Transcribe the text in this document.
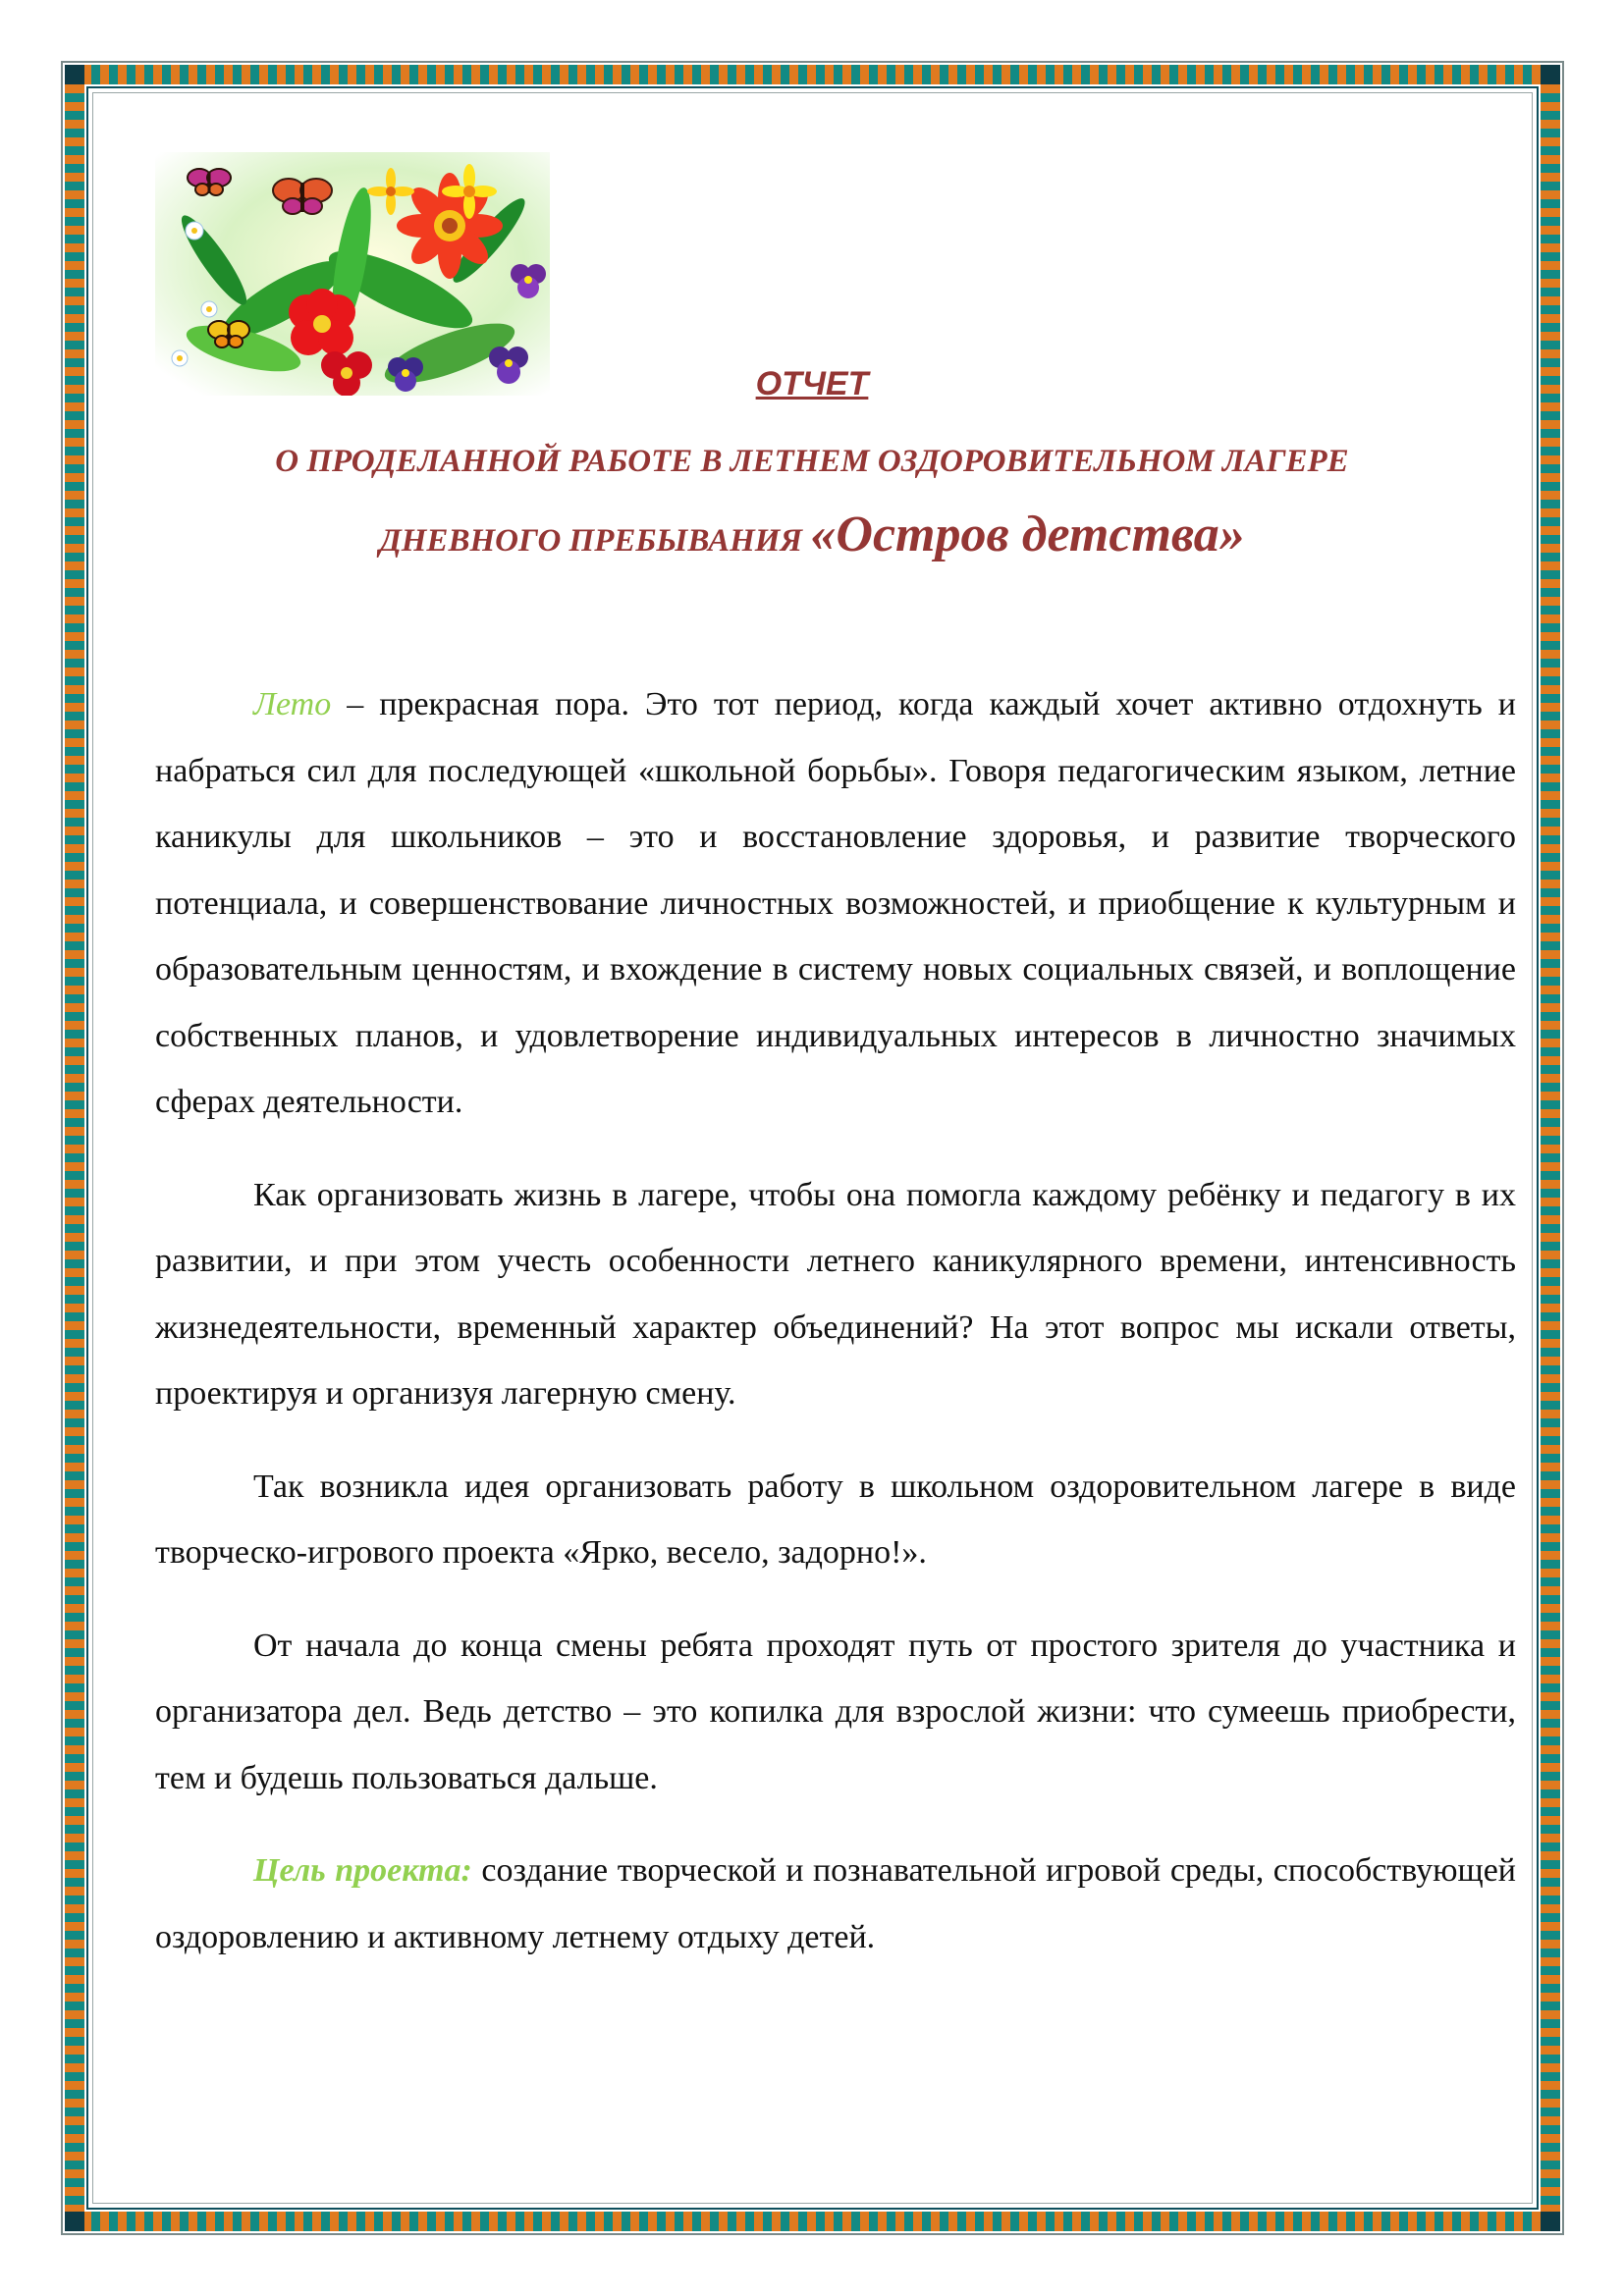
ОТЧЕТ
О ПРОДЕЛАННОЙ РАБОТЕ В ЛЕТНЕМ ОЗДОРОВИТЕЛЬНОМ ЛАГЕРЕ
ДНЕВНОГО ПРЕБЫВАНИЯ «Остров детства»

Лето – прекрасная пора. Это тот период, когда каждый хочет активно отдохнуть и набраться сил для последующей «школьной борьбы». Говоря педагогическим языком, летние каникулы для школьников – это и восстановление здоровья, и развитие творческого потенциала, и совершенствование личностных возможностей, и приобщение к культурным и образовательным ценностям, и вхождение в систему новых социальных связей, и воплощение собственных планов, и удовлетворение индивидуальных интересов в личностно значимых сферах деятельности.

Как организовать жизнь в лагере, чтобы она помогла каждому ребёнку и педагогу в их развитии, и при этом учесть особенности летнего каникулярного времени, интенсивность жизнедеятельности, временный характер объединений? На этот вопрос мы искали ответы, проектируя и организуя лагерную смену.

Так возникла идея организовать работу в школьном оздоровительном лагере в виде творческо-игрового проекта «Ярко, весело, задорно!».

От начала до конца смены ребята проходят путь от простого зрителя до участника и организатора дел. Ведь детство – это копилка для взрослой жизни: что сумеешь приобрести, тем и будешь пользоваться дальше.

Цель проекта: создание творческой и познавательной игровой среды, способствующей оздоровлению и активному летнему отдыху детей.
